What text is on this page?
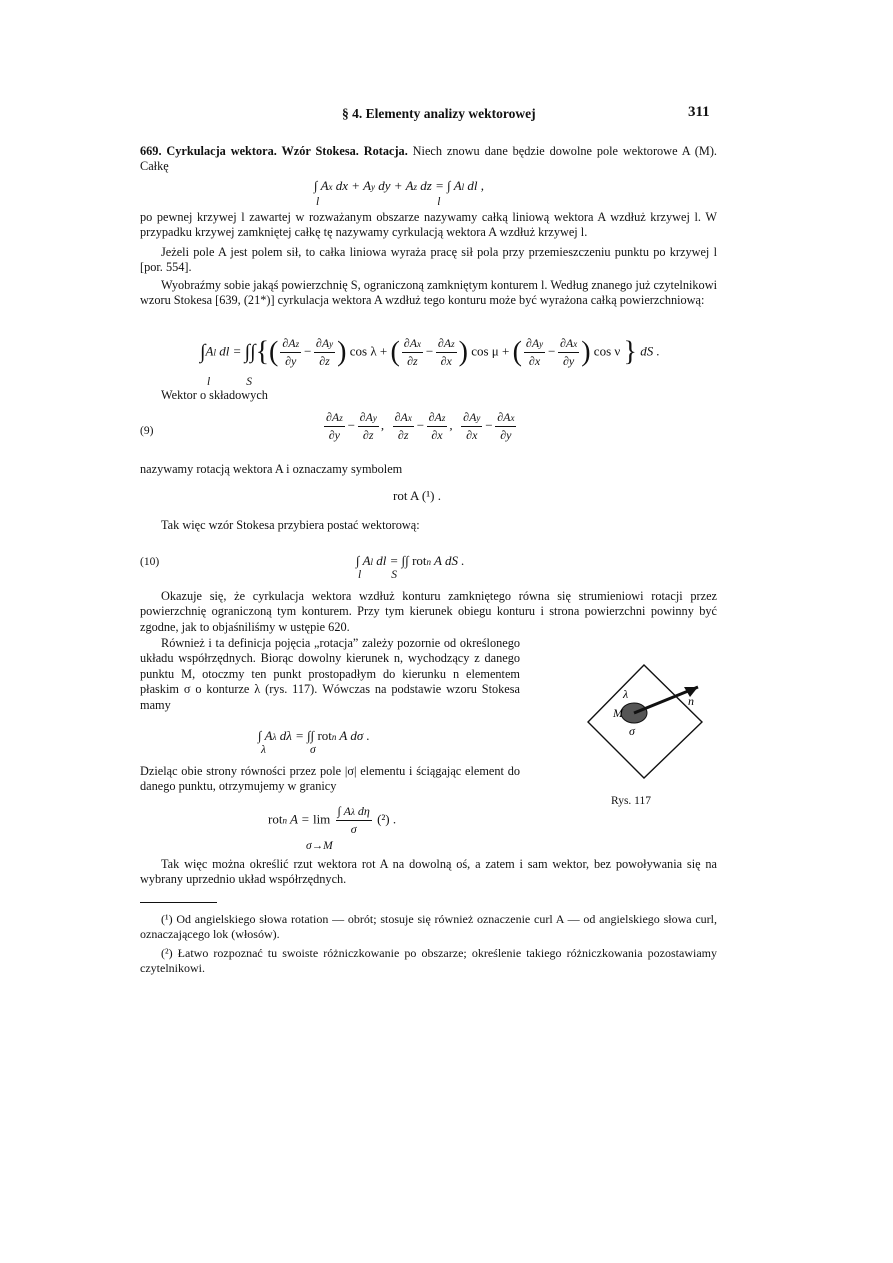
§ 4. Elementy analizy wektorowej	311
669. Cyrkulacja wektora. Wzór Stokesa. Rotacja. Niech znowu dane będzie dowolne pole wektorowe A (M). Całkę
∫ Ax dx + Ay dy + Az dz = ∫ Al dl ,
l	l
po pewnej krzywej l zawartej w rozważanym obszarze nazywamy całką liniową wektora A wzdłuż krzywej l. W przypadku krzywej zamkniętej całkę tę nazywamy cyrkulacją wektora A wzdłuż krzywej l.
Jeżeli pole A jest polem sił, to całka liniowa wyraża pracę sił pola przy przemieszczeniu punktu po krzywej l [por. 554].
Wyobraźmy sobie jakąś powierzchnię S, ograniczoną zamkniętym konturem l. Według znanego już czytelnikowi wzoru Stokesa [639, (21*)] cyrkulacja wektora A wzdłuż tego konturu może być wyrażona całką powierzchniową:
∫Al dl = ∫∫{( $\frac{\partial Az}{\partial y} - \frac{\partial Ay}{\partial z}$ ) cos λ + ( $\frac{\partial Ax}{\partial z} - \frac{\partial Az}{\partial x}$ ) cos μ + ( $\frac{\partial Ay}{\partial x} - \frac{\partial Ax}{\partial y}$ ) cos ν } dS .
l	S
Wektor o składowych
(9)	$\frac{\partial Az}{\partial y} - \frac{\partial Ay}{\partial z}$ , $\frac{\partial Ax}{\partial z} - \frac{\partial Az}{\partial x}$ , $\frac{\partial Ay}{\partial x} - \frac{\partial Ax}{\partial y}$
nazywamy rotacją wektora A i oznaczamy symbolem
rot A (¹) .
Tak więc wzór Stokesa przybiera postać wektorową:
(10)	∫ Al dl = ∫∫ rotn A dS .
l	S
Okazuje się, że cyrkulacja wektora wzdłuż konturu zamkniętego równa się strumieniowi rotacji przez powierzchnię ograniczoną tym konturem. Przy tym kierunek obiegu konturu i strona powierzchni powinny być zgodne, jak to objaśniliśmy w ustępie 620.
Również i ta definicja pojęcia „rotacja” zależy pozornie od określonego układu współrzędnych. Biorąc dowolny kierunek n, wychodzący z danego punktu M, otoczmy ten punkt prostopadłym do kierunku n elementem płaskim σ o konturze λ (rys. 117). Wówczas na podstawie wzoru Stokesa mamy
∫ Aλ dλ = ∫∫ rotn A dσ .
λ	σ
Dzieląc obie strony równości przez pole |σ| elementu i ściągając element do danego punktu, otrzymujemy w granicy
rotn $A = \lim \frac{\text{∫ Aλ dη}}{\sigma} (^2)$ .
σ→M
Tak więc można określić rzut wektora rot A na dowolną oś, a zatem i sam wektor, bez powoływania się na wybrany uprzednio układ współrzędnych.
λ
M
σ
n
Rys. 117
(¹) Od angielskiego słowa rotation — obrót; stosuje się również oznaczenie curl A — od angielskiego słowa curl, oznaczającego lok (włosów).
(²) Łatwo rozpoznać tu swoiste różniczkowanie po obszarze; określenie takiego różniczkowania pozostawiamy czytelnikowi.
